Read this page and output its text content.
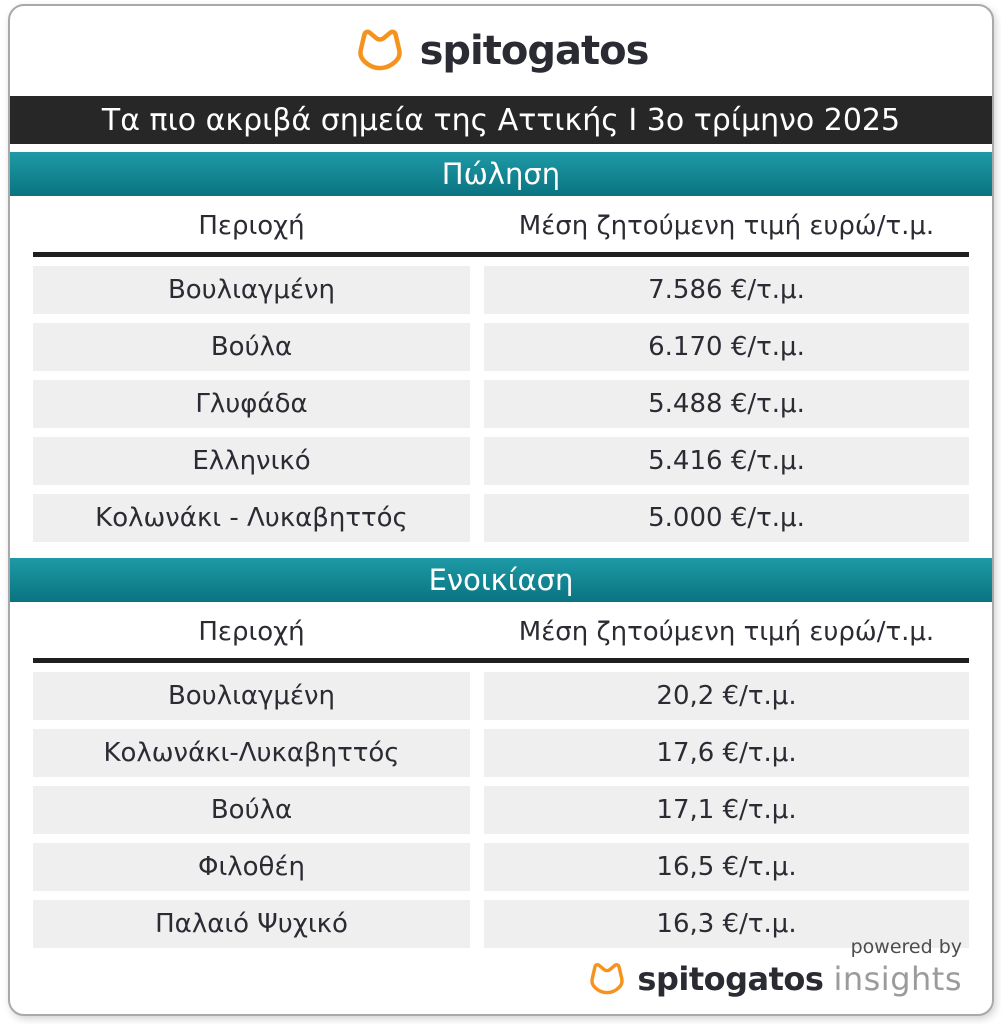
spitogatos
Τα πιο ακριβά σημεία της Αττικής Ι 3ο τρίμηνο 2025
Πώληση
Περιοχή	Μέση ζητούμενη τιμή ευρώ/τ.μ.
Βουλιαγμένη	7.586 €/τ.μ.
Βούλα	6.170 €/τ.μ.
Γλυφάδα	5.488 €/τ.μ.
Ελληνικό	5.416 €/τ.μ.
Κολωνάκι - Λυκαβηττός	5.000 €/τ.μ.
Ενοικίαση
Περιοχή	Μέση ζητούμενη τιμή ευρώ/τ.μ.
Βουλιαγμένη	20,2 €/τ.μ.
Κολωνάκι-Λυκαβηττός	17,6 €/τ.μ.
Βούλα	17,1 €/τ.μ.
Φιλοθέη	16,5 €/τ.μ.
Παλαιό Ψυχικό	16,3 €/τ.μ.
powered by
spitogatos insights
